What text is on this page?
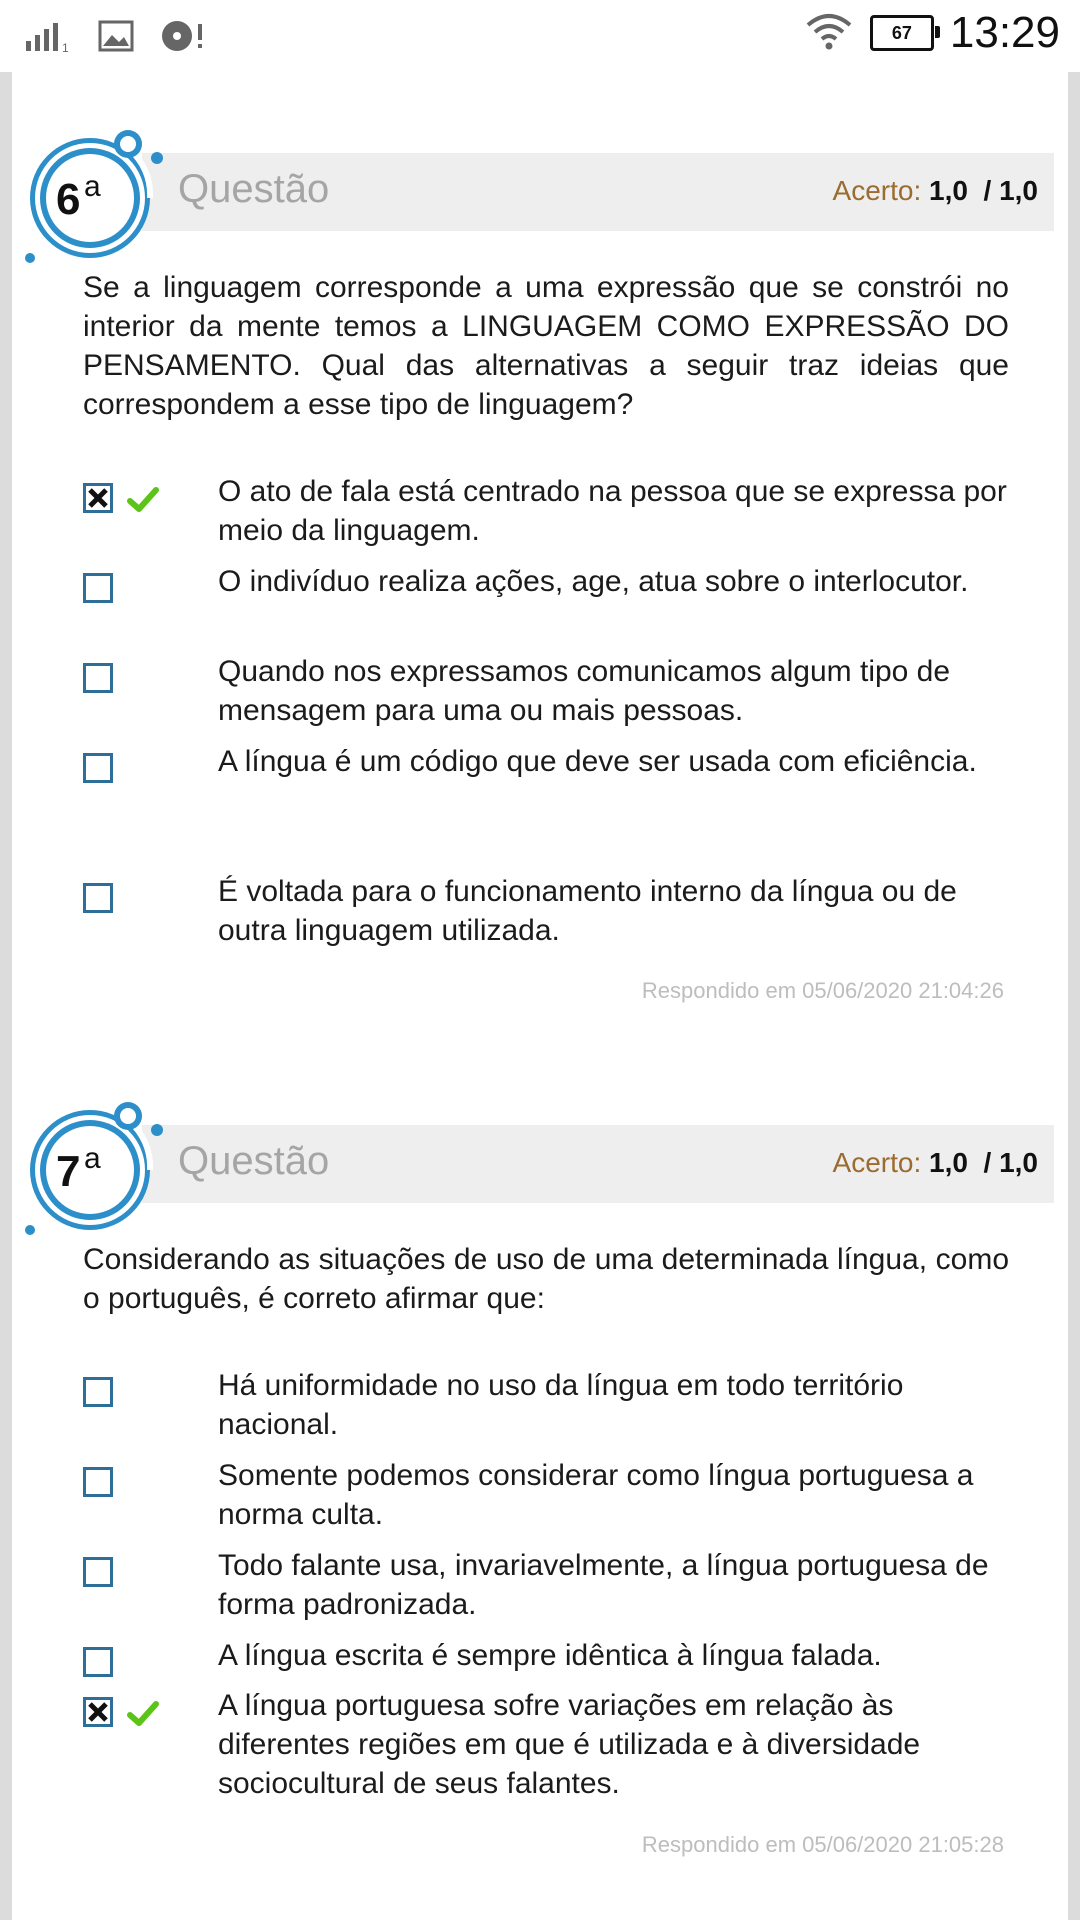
1
67 13:29
Questão	Acerto: 1,0 / 1,0
6 a
Se a linguagem corresponde a uma expressão que se constrói no interior da mente temos a LINGUAGEM COMO EXPRESSÃO DO PENSAMENTO. Qual das alternativas a seguir traz ideias que correspondem a esse tipo de linguagem?
O ato de fala está centrado na pessoa que se expressa por meio da linguagem.
O indivíduo realiza ações, age, atua sobre o interlocutor.
Quando nos expressamos comunicamos algum tipo de mensagem para uma ou mais pessoas.
A língua é um código que deve ser usada com eficiência.
É voltada para o funcionamento interno da língua ou de outra linguagem utilizada.
Respondido em 05/06/2020 21:04:26
Questão	Acerto: 1,0 / 1,0
7 a
Considerando as situações de uso de uma determinada língua, como o português, é correto afirmar que:
Há uniformidade no uso da língua em todo território nacional.
Somente podemos considerar como língua portuguesa a norma culta.
Todo falante usa, invariavelmente, a língua portuguesa de forma padronizada.
A língua escrita é sempre idêntica à língua falada.
A língua portuguesa sofre variações em relação às diferentes regiões em que é utilizada e à diversidade sociocultural de seus falantes.
Respondido em 05/06/2020 21:05:28
